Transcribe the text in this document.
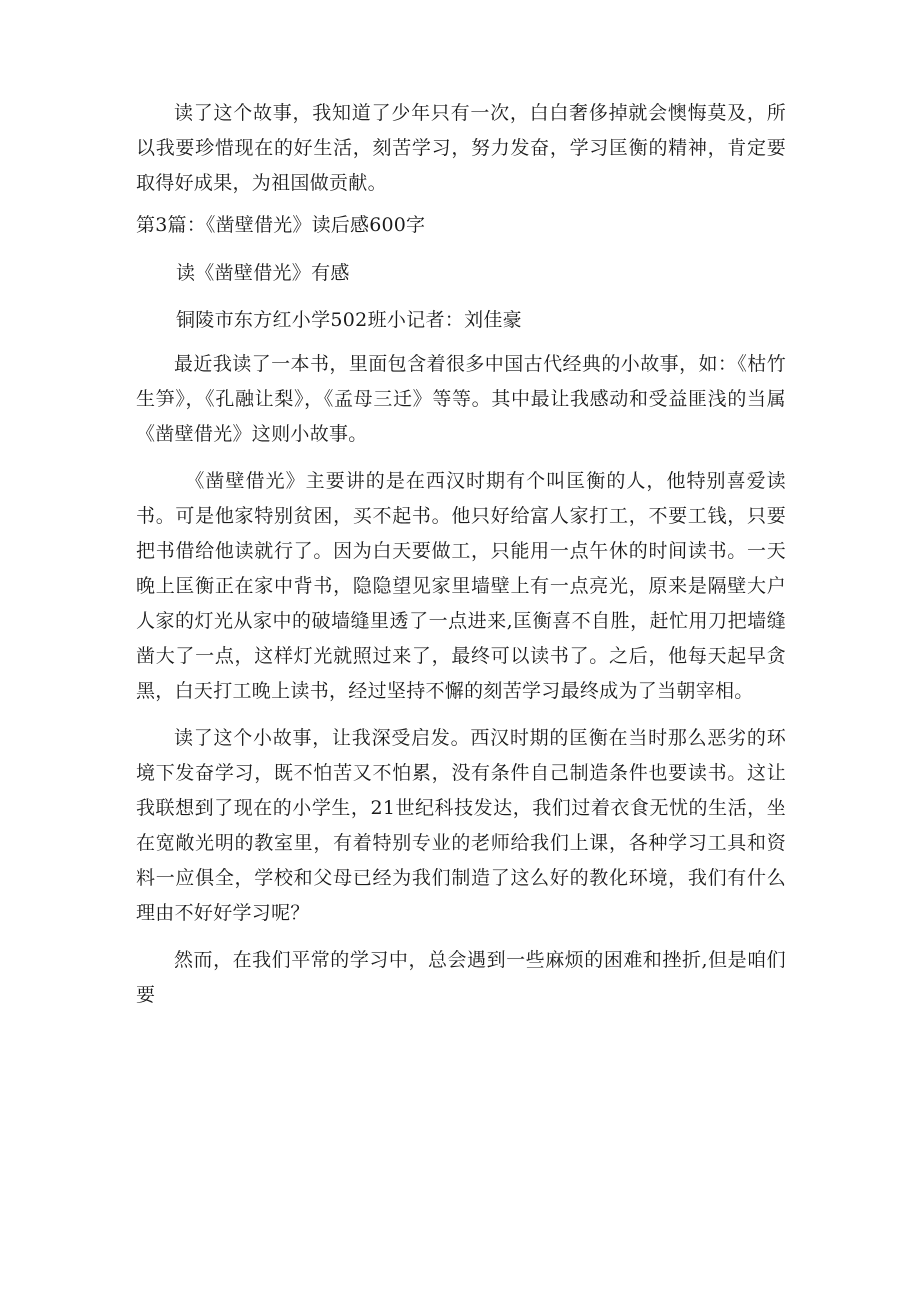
读了这个故事，我知道了少年只有一次，白白奢侈掉就会懊悔莫及，所以我要珍惜现在的好生活，刻苦学习，努力发奋，学习匡衡的精神，肯定要取得好成果，为祖国做贡献。

第3篇：《凿壁借光》读后感600字

读《凿壁借光》有感

铜陵市东方红小学502班小记者：刘佳豪

最近我读了一本书，里面包含着很多中国古代经典的小故事，如：《枯竹生笋》，《孔融让梨》，《孟母三迁》等等。其中最让我感动和受益匪浅的当属《凿壁借光》这则小故事。

《凿壁借光》主要讲的是在西汉时期有个叫匡衡的人，他特别喜爱读书。可是他家特别贫困，买不起书。他只好给富人家打工，不要工钱，只要把书借给他读就行了。因为白天要做工，只能用一点午休的时间读书。一天晚上匡衡正在家中背书，隐隐望见家里墙壁上有一点亮光，原来是隔壁大户人家的灯光从家中的破墙缝里透了一点进来,匡衡喜不自胜，赶忙用刀把墙缝凿大了一点，这样灯光就照过来了，最终可以读书了。之后，他每天起早贪黑，白天打工晚上读书，经过坚持不懈的刻苦学习最终成为了当朝宰相。

读了这个小故事，让我深受启发。西汉时期的匡衡在当时那么恶劣的环境下发奋学习，既不怕苦又不怕累，没有条件自己制造条件也要读书。这让我联想到了现在的小学生，21世纪科技发达，我们过着衣食无忧的生活，坐在宽敞光明的教室里，有着特别专业的老师给我们上课，各种学习工具和资料一应俱全，学校和父母已经为我们制造了这么好的教化环境，我们有什么理由不好好学习呢？

然而，在我们平常的学习中，总会遇到一些麻烦的困难和挫折,但是咱们要
